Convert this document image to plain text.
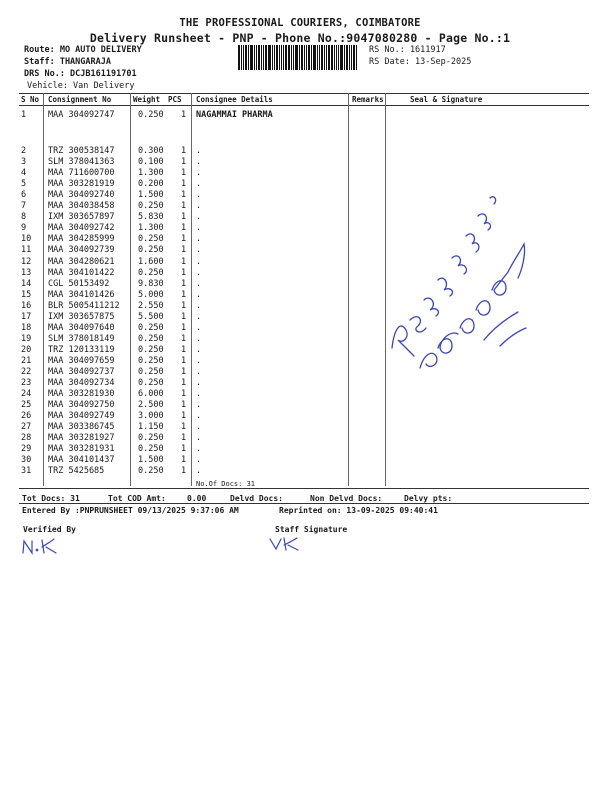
THE PROFESSIONAL COURIERS, COIMBATORE
Delivery Runsheet - PNP - Phone No.:9047080280 - Page No.:1
Route: MO AUTO DELIVERY
Staff: THANGARAJA
DRS No.: DCJB161191701
Vehicle: Van Delivery
RS No.: 1611917
RS Date: 13-Sep-2025
S No Consignment No	Weight PCS Consignee Details	Remarks	Seal & Signature
1	MAA 304092747	0.250 1 NAGAMMAI PHARMA
2	TRZ 300538147	0.300 1 .
3	SLM 378041363	0.100 1 .
4	MAA 711600700	1.300 1 .
5	MAA 303281919	0.200 1 .
6	MAA 304092740	1.500 1 .
7	MAA 304038458	0.250 1 .
8	IXM 303657897	5.830 1 .
9	MAA 304092742	1.300 1 .
10 MAA 304285999	0.250 1 .
11 MAA 304092739	0.250 1 .
12 MAA 304280621	1.600 1 .
13 MAA 304101422	0.250 1 .
14 CGL 50153492	9.830 1 .
15 MAA 304101426	5.000 1 .
16 BLR 5005411212 2.550 1 .
17 IXM 303657875	5.500 1 .
18 MAA 304097640	0.250 1 .
19 SLM 378018149	0.250 1 .
20 TRZ 120133119	0.250 1 .
21 MAA 304097659	0.250 1 .
22 MAA 304092737	0.250 1 .
23 MAA 304092734	0.250 1 .
24 MAA 303281930	6.000 1 .
25 MAA 304092750	2.500 1 .
26 MAA 304092749	3.000 1 .
27 MAA 303386745	1.150 1 .
28 MAA 303281927	0.250 1 .
29 MAA 303281931	0.250 1 .
30 MAA 304101437	1.500 1 .
31 TRZ 5425685	0.250 1 .
No.Of Docs: 31
Tot Docs: 31	Tot COD Amt:	0.00	Delvd Docs:	Non Delvd Docs:	Delvy pts:
Entered By :PNPRUNSHEET 09/13/2025 9:37:06 AM	Reprinted on: 13-09-2025 09:40:41
Verified By	Staff Signature
